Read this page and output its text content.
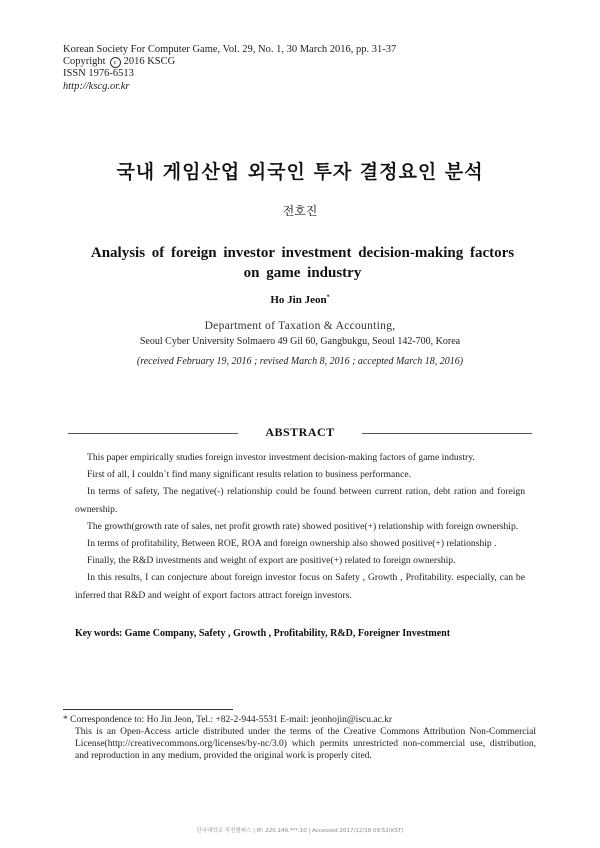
Korean Society For Computer Game, Vol. 29, No. 1, 30 March 2016, pp. 31-37
Copyright c 2016 KSCG
ISSN 1976-6513
http://kscg.or.kr
국내 게임산업 외국인 투자 결정요인 분석
전호진
Analysis of foreign investor investment decision-making factors on game industry
Ho Jin Jeon*
Department of Taxation & Accounting,
Seoul Cyber University Solmaero 49 Gil 60, Gangbukgu, Seoul 142-700, Korea
(received February 19, 2016 ; revised March 8, 2016 ; accepted March 18, 2016)
ABSTRACT

This paper empirically studies foreign investor investment decision-making factors of game industry.

First of all, I couldn´t find many significant results relation to business performance.

In terms of safety, The negative(-) relationship could be found between current ration, debt ration and foreign ownership.

The growth(growth rate of sales, net profit growth rate) showed positive(+) relationship with foreign ownership.

In terms of profitability, Between ROE, ROA and foreign ownership also showed positive(+) relationship .

Finally, the R&D investments and weight of export are positive(+) related to foreign ownership.

In this results, I can conjecture about foreign investor focus on Safety , Growth , Profitability. especially, can be inferred that R&D and weight of export factors attract foreign investors.

Key words: Game Company, Safety , Growth , Profitability, R&D, Foreigner Investment

* Correspondence to: Ho Jin Jeon, Tel.: +82-2-944-5531 E-mail: jeonhojin@iscu.ac.kr

This is an Open-Access article distributed under the terms of the Creative Commons Attribution Non-Commercial License(http://creativecommons.org/licenses/by-nc/3.0) which permits unrestricted non-commercial use, distribution, and reproduction in any medium, provided the original work is properly cited.

단국대학교 죽전캠퍼스 | IP: 220.149.***.10 | Accessed 2017/12/18 09:52(KST)
